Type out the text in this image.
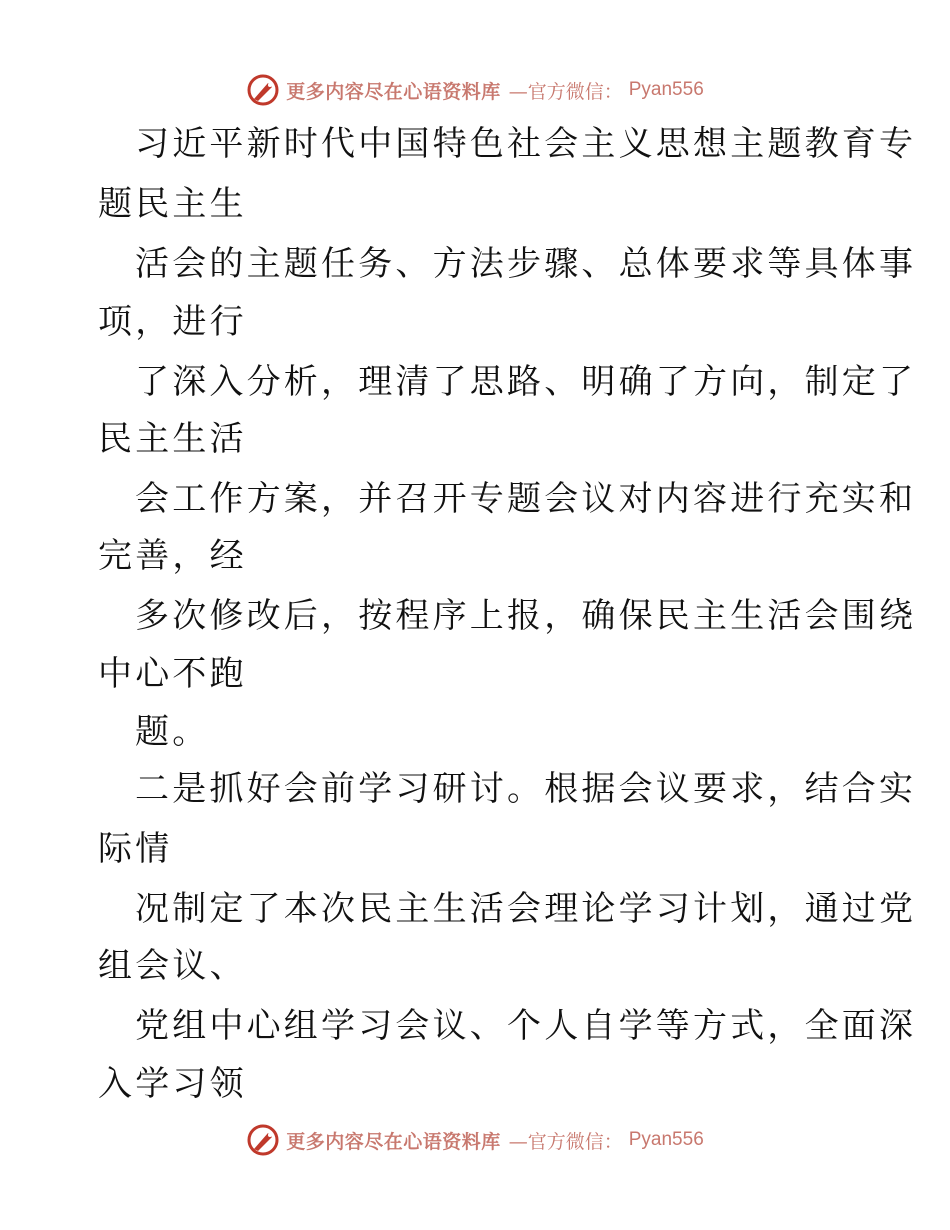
更多内容尽在心语资料库 —官方微信： Pyan556
习近平新时代中国特色社会主义思想主题教育专
题民主生
活会的主题任务、方法步骤、总体要求等具体事
项，进行
了深入分析，理清了思路、明确了方向，制定了
民主生活
会工作方案，并召开专题会议对内容进行充实和
完善，经
多次修改后，按程序上报，确保民主生活会围绕
中心不跑
题。
二是抓好会前学习研讨。根据会议要求，结合实
际情
况制定了本次民主生活会理论学习计划，通过党
组会议、
党组中心组学习会议、个人自学等方式，全面深
入学习领
更多内容尽在心语资料库 —官方微信： Pyan556
